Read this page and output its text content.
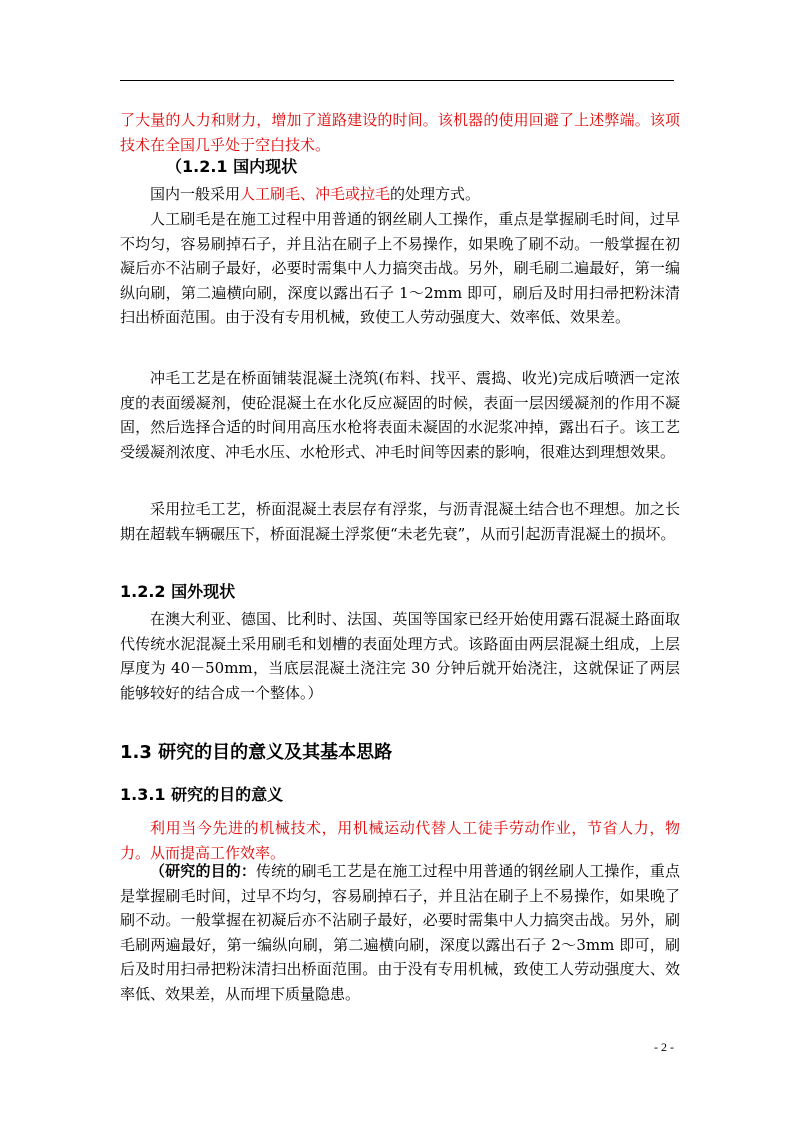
了大量的人力和财力，增加了道路建设的时间。该机器的使用回避了上述弊端。该项技术在全国几乎处于空白技术。

（1.2.1 国内现状

国内一般采用人工刷毛、冲毛或拉毛的处理方式。

人工刷毛是在施工过程中用普通的钢丝刷人工操作，重点是掌握刷毛时间，过早不均匀，容易刷掉石子，并且沾在刷子上不易操作，如果晚了刷不动。一般掌握在初凝后亦不沾刷子最好，必要时需集中人力搞突击战。另外，刷毛刷二遍最好，第一编纵向刷，第二遍横向刷，深度以露出石子 1～2mm 即可，刷后及时用扫帚把粉沫清扫出桥面范围。由于没有专用机械，致使工人劳动强度大、效率低、效果差。

冲毛工艺是在桥面铺装混凝土浇筑(布料、找平、震捣、收光)完成后喷洒一定浓度的表面缓凝剂，使砼混凝土在水化反应凝固的时候，表面一层因缓凝剂的作用不凝固，然后选择合适的时间用高压水枪将表面未凝固的水泥浆冲掉，露出石子。该工艺受缓凝剂浓度、冲毛水压、水枪形式、冲毛时间等因素的影响，很难达到理想效果。

采用拉毛工艺，桥面混凝土表层存有浮浆，与沥青混凝土结合也不理想。加之长期在超载车辆碾压下，桥面混凝土浮浆便“未老先衰”，从而引起沥青混凝土的损坏。

1.2.2 国外现状

在澳大利亚、德国、比利时、法国、英国等国家已经开始使用露石混凝土路面取代传统水泥混凝土采用刷毛和划槽的表面处理方式。该路面由两层混凝土组成，上层厚度为 40－50mm，当底层混凝土浇注完 30 分钟后就开始浇注，这就保证了两层能够较好的结合成一个整体。）

1.3 研究的目的意义及其基本思路
1.3.1 研究的目的意义

利用当今先进的机械技术，用机械运动代替人工徒手劳动作业，节省人力，物力。从而提高工作效率。

（研究的目的：传统的刷毛工艺是在施工过程中用普通的钢丝刷人工操作，重点是掌握刷毛时间，过早不均匀，容易刷掉石子，并且沾在刷子上不易操作，如果晚了刷不动。一般掌握在初凝后亦不沾刷子最好，必要时需集中人力搞突击战。另外，刷毛刷两遍最好，第一编纵向刷，第二遍横向刷，深度以露出石子 2～3mm 即可，刷后及时用扫帚把粉沫清扫出桥面范围。由于没有专用机械，致使工人劳动强度大、效率低、效果差，从而埋下质量隐患。

- 2 -
